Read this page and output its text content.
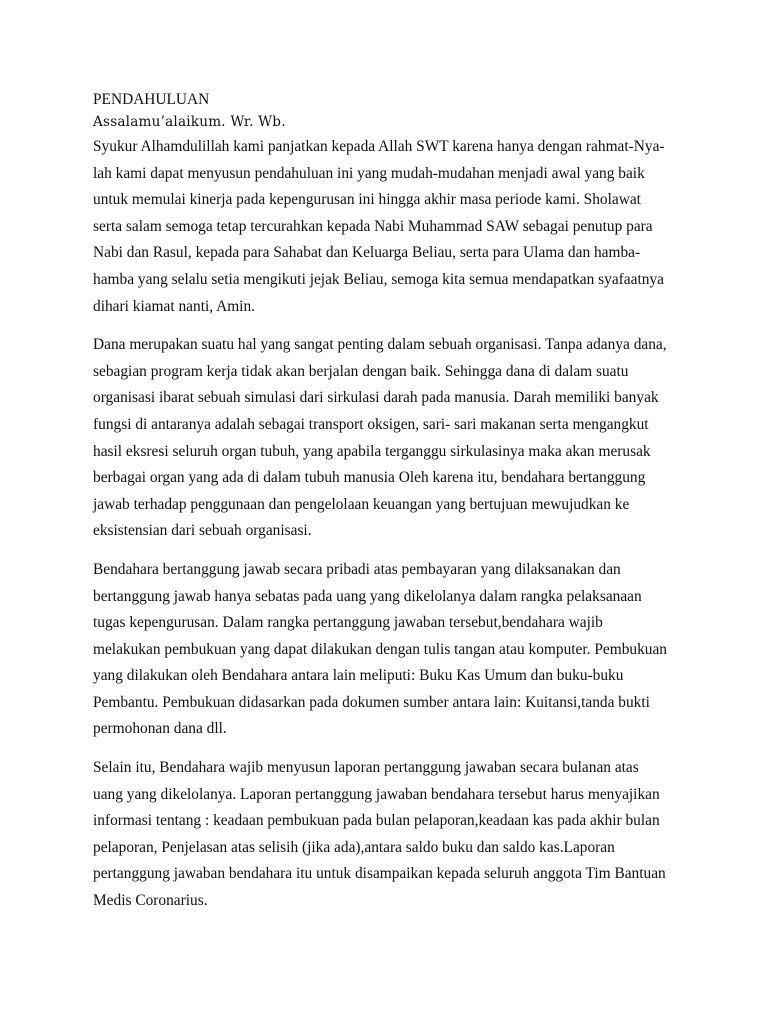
PENDAHULUAN
Assalamu’alaikum. Wr. Wb.
Syukur Alhamdulillah kami panjatkan kepada Allah SWT karena hanya dengan rahmat-Nya-
lah kami dapat menyusun pendahuluan ini yang mudah-mudahan menjadi awal yang baik
untuk memulai kinerja pada kepengurusan ini hingga akhir masa periode kami. Sholawat
serta salam semoga tetap tercurahkan kepada Nabi Muhammad SAW sebagai penutup para
Nabi dan Rasul, kepada para Sahabat dan Keluarga Beliau, serta para Ulama dan hamba-
hamba yang selalu setia mengikuti jejak Beliau, semoga kita semua mendapatkan syafaatnya
dihari kiamat nanti, Amin.
Dana merupakan suatu hal yang sangat penting dalam sebuah organisasi. Tanpa adanya dana,
sebagian program kerja tidak akan berjalan dengan baik. Sehingga dana di dalam suatu
organisasi ibarat sebuah simulasi dari sirkulasi darah pada manusia. Darah memiliki banyak
fungsi di antaranya adalah sebagai transport oksigen, sari- sari makanan serta mengangkut
hasil eksresi seluruh organ tubuh, yang apabila terganggu sirkulasinya maka akan merusak
berbagai organ yang ada di dalam tubuh manusia Oleh karena itu, bendahara bertanggung
jawab terhadap penggunaan dan pengelolaan keuangan yang bertujuan mewujudkan ke
eksistensian dari sebuah organisasi.
Bendahara bertanggung jawab secara pribadi atas pembayaran yang dilaksanakan dan
bertanggung jawab hanya sebatas pada uang yang dikelolanya dalam rangka pelaksanaan
tugas kepengurusan. Dalam rangka pertanggung jawaban tersebut,bendahara wajib
melakukan pembukuan yang dapat dilakukan dengan tulis tangan atau komputer. Pembukuan
yang dilakukan oleh Bendahara antara lain meliputi: Buku Kas Umum dan buku-buku
Pembantu. Pembukuan didasarkan pada dokumen sumber antara lain: Kuitansi,tanda bukti
permohonan dana dll.
Selain itu, Bendahara wajib menyusun laporan pertanggung jawaban secara bulanan atas
uang yang dikelolanya. Laporan pertanggung jawaban bendahara tersebut harus menyajikan
informasi tentang : keadaan pembukuan pada bulan pelaporan,keadaan kas pada akhir bulan
pelaporan, Penjelasan atas selisih (jika ada),antara saldo buku dan saldo kas.Laporan
pertanggung jawaban bendahara itu untuk disampaikan kepada seluruh anggota Tim Bantuan
Medis Coronarius.
